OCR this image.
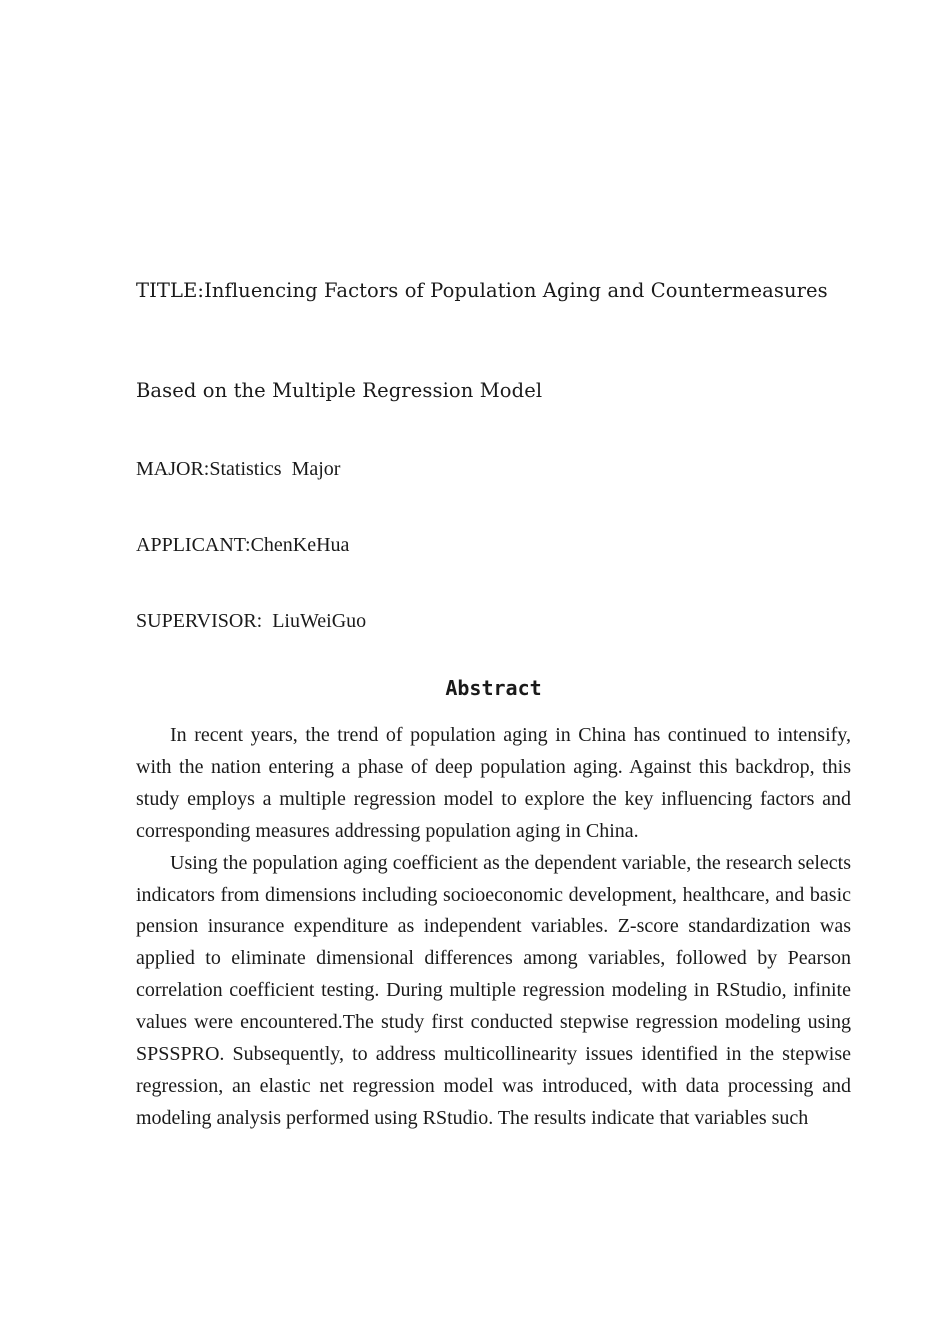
TITLE:Influencing Factors of Population Aging and Countermeasures
Based on the Multiple Regression Model
MAJOR:Statistics  Major
APPLICANT:ChenKeHua
SUPERVISOR:  LiuWeiGuo
Abstract

In recent years, the trend of population aging in China has continued to intensify, with the nation entering a phase of deep population aging. Against this backdrop, this study employs a multiple regression model to explore the key influencing factors and corresponding measures addressing population aging in China.

Using the population aging coefficient as the dependent variable, the research selects indicators from dimensions including socioeconomic development, healthcare, and basic pension insurance expenditure as independent variables. Z-score standardization was applied to eliminate dimensional differences among variables, followed by Pearson correlation coefficient testing. During multiple regression modeling in RStudio, infinite values were encountered.The study first conducted stepwise regression modeling using SPSSPRO. Subsequently, to address multicollinearity issues identified in the stepwise regression, an elastic net regression model was introduced, with data processing and modeling analysis performed using RStudio. The results indicate that variables such
